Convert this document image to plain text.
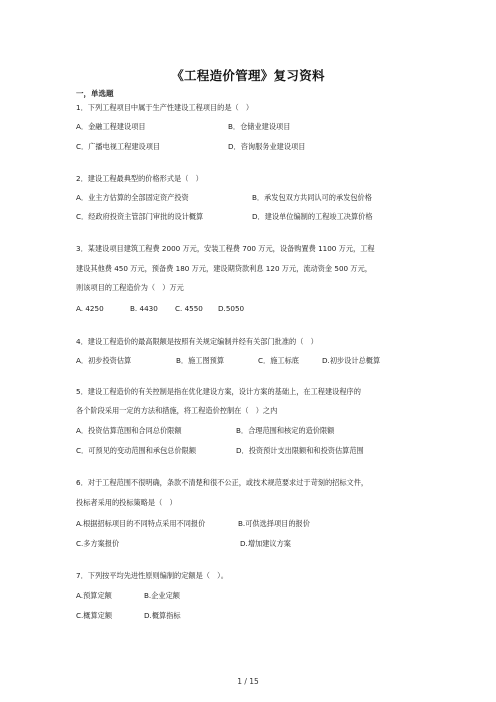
《工程造价管理》复习资料
一，单选题
1．下列工程项目中属于生产性建设工程项目的是（　）
A．金融工程建设项目	B．仓储业建设项目
C．广播电视工程建设项目	D．咨询服务业建设项目
2．建设工程最典型的价格形式是（　）
A．业主方估算的全部固定资产投资	B．承发包双方共同认可的承发包价格
C．经政府投资主管部门审批的设计概算	D．建设单位编制的工程竣工决算价格
3．某建设项目建筑工程费 2000 万元，安装工程费 700 万元，设备购置费 1100 万元，工程
建设其他费 450 万元，预备费 180 万元，建设期贷款利息 120 万元，流动资金 500 万元，
则该项目的工程造价为（　）万元
A. 4250	B. 4430 C. 4550 D.5050
4．建设工程造价的最高限额是按照有关规定编制并经有关部门批准的（　）
A．初步投资估算	B．施工图预算	C．施工标底	D.初步设计总概算
5．建设工程造价的有关控制是指在优化建设方案，设计方案的基础上，在工程建设程序的
各个阶段采用一定的方法和措施，将工程造价控制在（　）之内
A．投资估算范围和合同总价限额	B．合理范围和核定的造价限额
C．可预见的变动范围和承包总价限额	D．投资预计支出限额和和投资估算范围
6．对于工程范围不很明确，条款不清楚和很不公正，或技术规范要求过于苛刻的招标文件，
投标者采用的投标策略是（　）
A.根据招标项目的不同特点采用不同报价	B.可供选择项目的报价
C.多方案报价	D.增加建议方案
7．下列按平均先进性原则编制的定额是（　）。
A.预算定额	B.企业定额
C.概算定额	D.概算指标
1 / 15
